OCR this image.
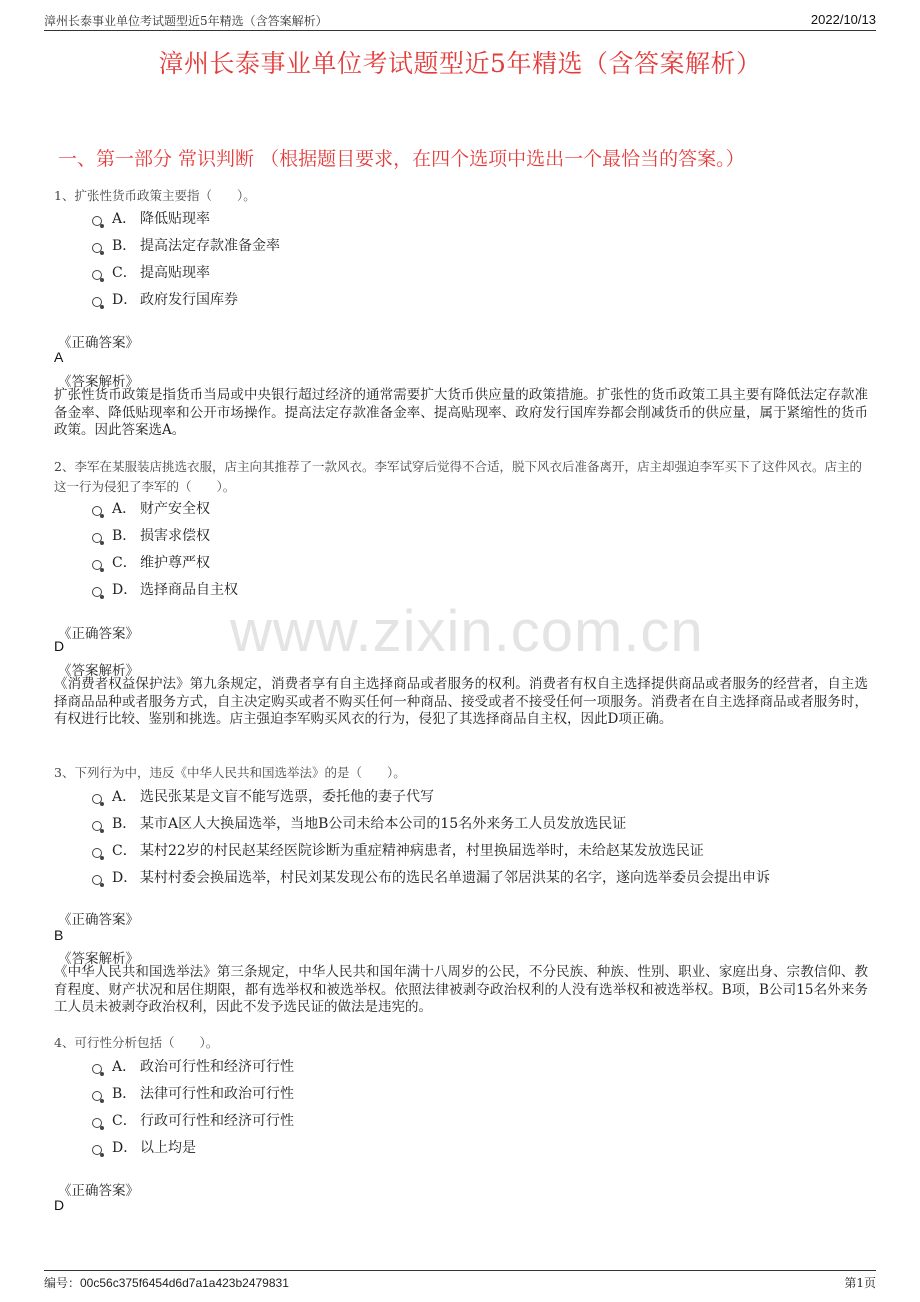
漳州长泰事业单位考试题型近5年精选（含答案解析）	2022/10/13
漳州长泰事业单位考试题型近5年精选（含答案解析）
一、第一部分 常识判断 （根据题目要求，在四个选项中选出一个最恰当的答案。）
www.zixin.com.cn
1、扩张性货币政策主要指（　　）。
A． 降低贴现率
B． 提高法定存款准备金率
C． 提高贴现率
D． 政府发行国库券
《正确答案》
A
《答案解析》
扩张性货币政策是指货币当局或中央银行超过经济的通常需要扩大货币供应量的政策措施。扩张性的货币政策工具主要有降低法定存款准备金率、降低贴现率和公开市场操作。提高法定存款准备金率、提高贴现率、政府发行国库券都会削减货币的供应量，属于紧缩性的货币政策。因此答案选A。
2、李军在某服装店挑选衣服，店主向其推荐了一款风衣。李军试穿后觉得不合适，脱下风衣后准备离开，店主却强迫李军买下了这件风衣。店主的这一行为侵犯了李军的（　　）。
A． 财产安全权
B． 损害求偿权
C． 维护尊严权
D． 选择商品自主权
《正确答案》
D
《答案解析》
《消费者权益保护法》第九条规定，消费者享有自主选择商品或者服务的权利。消费者有权自主选择提供商品或者服务的经营者，自主选择商品品种或者服务方式，自主决定购买或者不购买任何一种商品、接受或者不接受任何一项服务。消费者在自主选择商品或者服务时，有权进行比较、鉴别和挑选。店主强迫李军购买风衣的行为，侵犯了其选择商品自主权，因此D项正确。
3、下列行为中，违反《中华人民共和国选举法》的是（　　）。
A． 选民张某是文盲不能写选票，委托他的妻子代写
B． 某市A区人大换届选举，当地B公司未给本公司的15名外来务工人员发放选民证
C． 某村22岁的村民赵某经医院诊断为重症精神病患者，村里换届选举时，未给赵某发放选民证
D． 某村村委会换届选举，村民刘某发现公布的选民名单遗漏了邻居洪某的名字，遂向选举委员会提出申诉
《正确答案》
B
《答案解析》
《中华人民共和国选举法》第三条规定，中华人民共和国年满十八周岁的公民，不分民族、种族、性别、职业、家庭出身、宗教信仰、教育程度、财产状况和居住期限，都有选举权和被选举权。依照法律被剥夺政治权利的人没有选举权和被选举权。B项，B公司15名外来务工人员未被剥夺政治权利，因此不发予选民证的做法是违宪的。
4、可行性分析包括（　　）。
A． 政治可行性和经济可行性
B． 法律可行性和政治可行性
C． 行政可行性和经济可行性
D． 以上均是
《正确答案》
D
编号：00c56c375f6454d6d7a1a423b2479831	第1页
